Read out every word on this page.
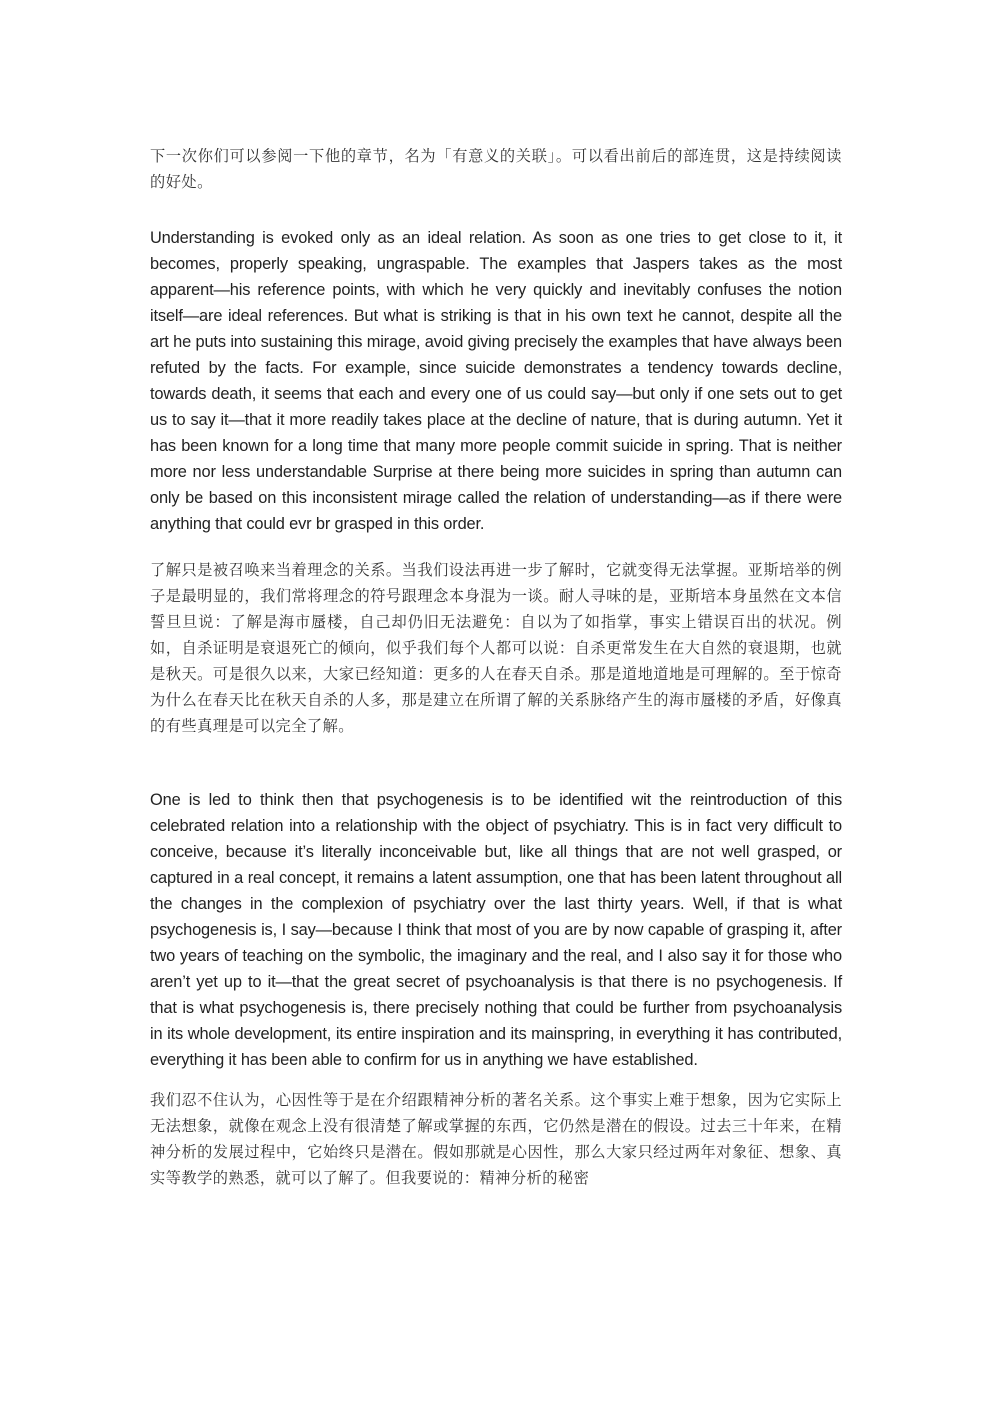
下一次你们可以参阅一下他的章节，名为「有意义的关联」。可以看出前后的部连贯，这是持续阅读的好处。

Understanding is evoked only as an ideal relation. As soon as one tries to get close to it, it becomes, properly speaking, ungraspable. The examples that Jaspers takes as the most apparent—his reference points, with which he very quickly and inevitably confuses the notion itself—are ideal references. But what is striking is that in his own text he cannot, despite all the art he puts into sustaining this mirage, avoid giving precisely the examples that have always been refuted by the facts. For example, since suicide demonstrates a tendency towards decline, towards death, it seems that each and every one of us could say—but only if one sets out to get us to say it—that it more readily takes place at the decline of nature, that is during autumn. Yet it has been known for a long time that many more people commit suicide in spring. That is neither more nor less understandable Surprise at there being more suicides in spring than autumn can only be based on this inconsistent mirage called the relation of understanding—as if there were anything that could evr br grasped in this order.

了解只是被召唤来当着理念的关系。当我们设法再进一步了解时，它就变得无法掌握。亚斯培举的例子是最明显的，我们常将理念的符号跟理念本身混为一谈。耐人寻味的是，亚斯培本身虽然在文本信誓旦旦说：了解是海市蜃楼，自己却仍旧无法避免：自以为了如指掌，事实上错误百出的状况。例如，自杀证明是衰退死亡的倾向，似乎我们每个人都可以说：自杀更常发生在大自然的衰退期，也就是秋天。可是很久以来，大家已经知道：更多的人在春天自杀。那是道地道地是可理解的。至于惊奇为什么在春天比在秋天自杀的人多，那是建立在所谓了解的关系脉络产生的海市蜃楼的矛盾，好像真的有些真理是可以完全了解。

One is led to think then that psychogenesis is to be identified wit the reintroduction of this celebrated relation into a relationship with the object of psychiatry. This is in fact very difficult to conceive, because it’s literally inconceivable but, like all things that are not well grasped, or captured in a real concept, it remains a latent assumption, one that has been latent throughout all the changes in the complexion of psychiatry over the last thirty years. Well, if that is what psychogenesis is, I say—because I think that most of you are by now capable of grasping it, after two years of teaching on the symbolic, the imaginary and the real, and I also say it for those who aren’t yet up to it—that the great secret of psychoanalysis is that there is no psychogenesis. If that is what psychogenesis is, there precisely nothing that could be further from psychoanalysis in its whole development, its entire inspiration and its mainspring, in everything it has contributed, everything it has been able to confirm for us in anything we have established.

我们忍不住认为，心因性等于是在介绍跟精神分析的著名关系。这个事实上难于想象，因为它实际上无法想象，就像在观念上没有很清楚了解或掌握的东西，它仍然是潜在的假设。过去三十年来，在精神分析的发展过程中，它始终只是潜在。假如那就是心因性，那么大家只经过两年对象征、想象、真实等教学的熟悉，就可以了解了。但我要说的：精神分析的秘密
